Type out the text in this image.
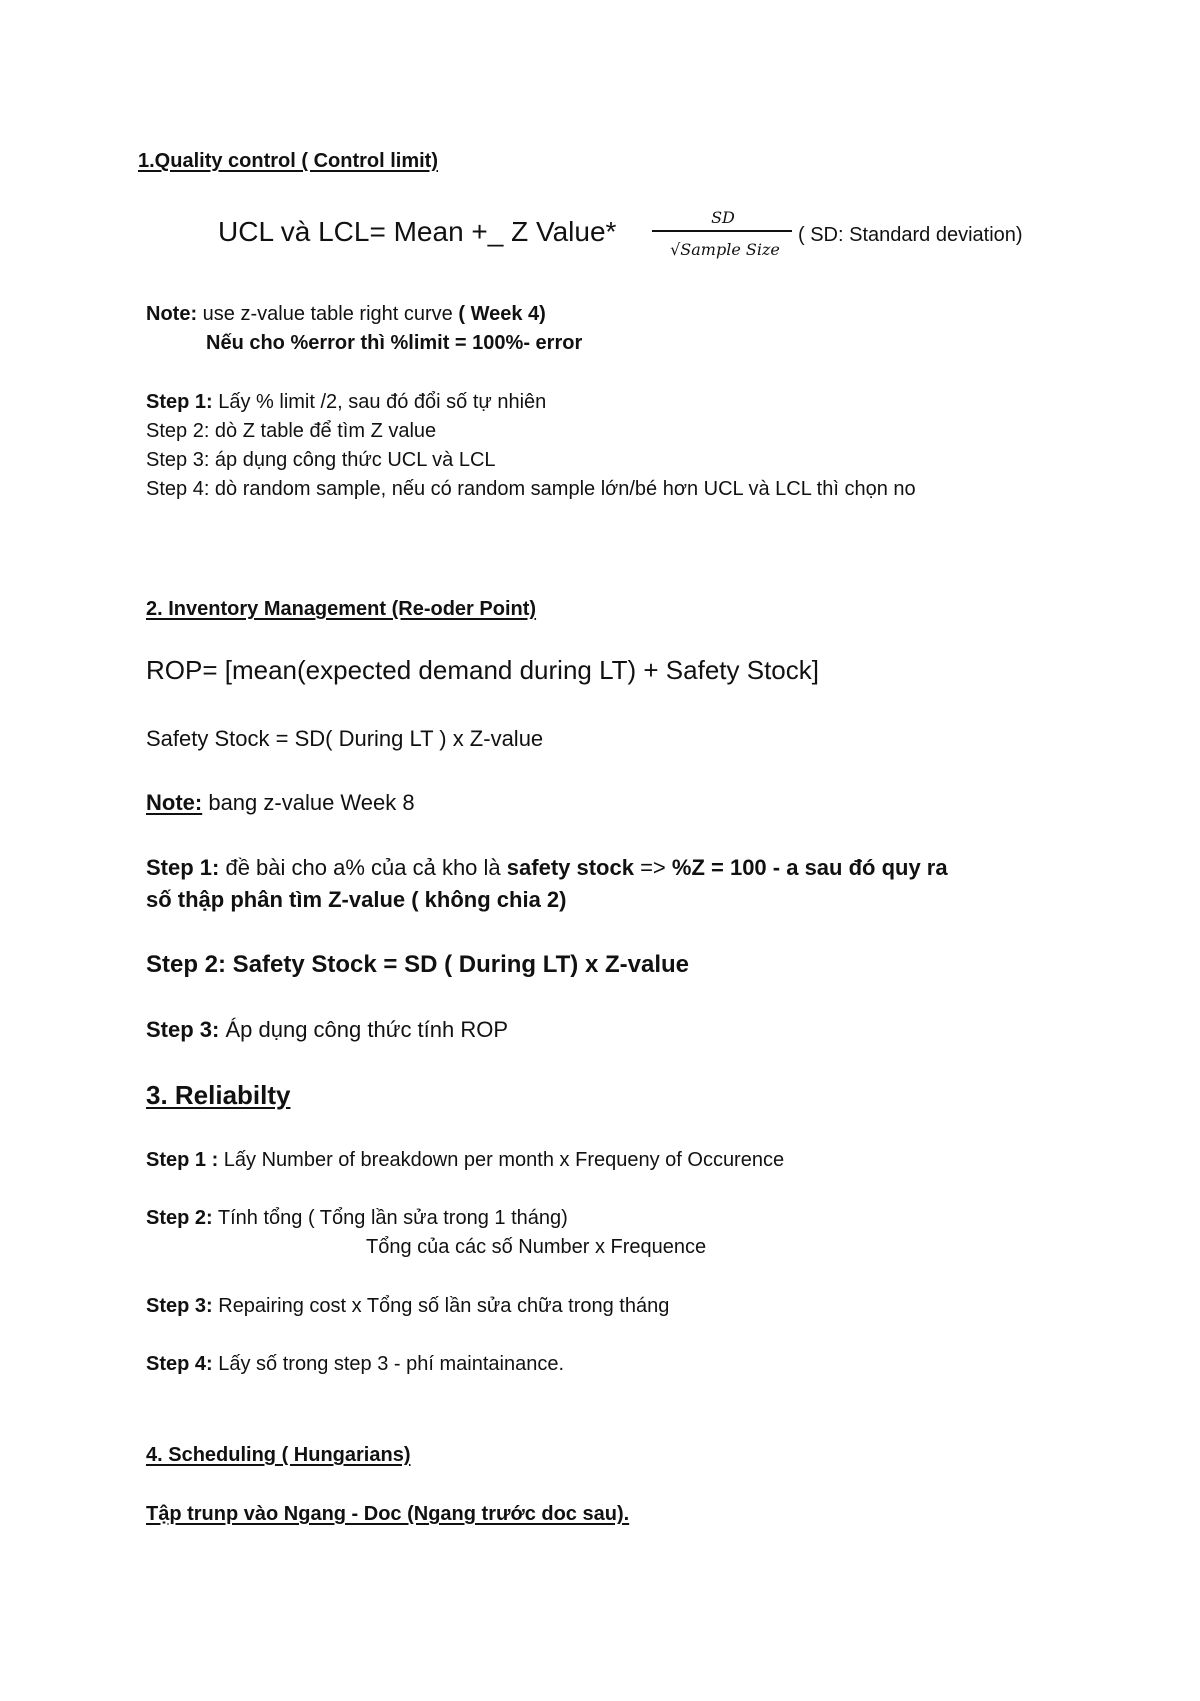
1.Quality control ( Control limit)
UCL và LCL= Mean +_ Z Value*	SD
√Sample Size
( SD: Standard deviation)
Note: use z-value table right curve ( Week 4)
Nếu cho %error thì %limit = 100%- error
Step 1: Lấy % limit /2, sau đó đổi số tự nhiên
Step 2: dò Z table để tìm Z value
Step 3: áp dụng công thức UCL và LCL
Step 4: dò random sample, nếu có random sample lớn/bé hơn UCL và LCL thì chọn no
2. Inventory Management (Re-oder Point)
ROP= [mean(expected demand during LT) + Safety Stock]
Safety Stock = SD( During LT ) x Z-value
Note: bang z-value Week 8
Step 1: đề bài cho a% của cả kho là safety stock => %Z = 100 - a sau đó quy ra
số thập phân tìm Z-value ( không chia 2)
Step 2: Safety Stock = SD ( During LT) x Z-value
Step 3: Áp dụng công thức tính ROP
3. Reliabilty
Step 1 : Lấy Number of breakdown per month x Frequeny of Occurence
Step 2: Tính tổng ( Tổng lần sửa trong 1 tháng)
Tổng của các số Number x Frequence
Step 3: Repairing cost x Tổng số lần sửa chữa trong tháng
Step 4: Lấy số trong step 3 - phí maintainance.
4. Scheduling ( Hungarians)
Tập trunp vào Ngang - Doc (Ngang trước doc sau).
